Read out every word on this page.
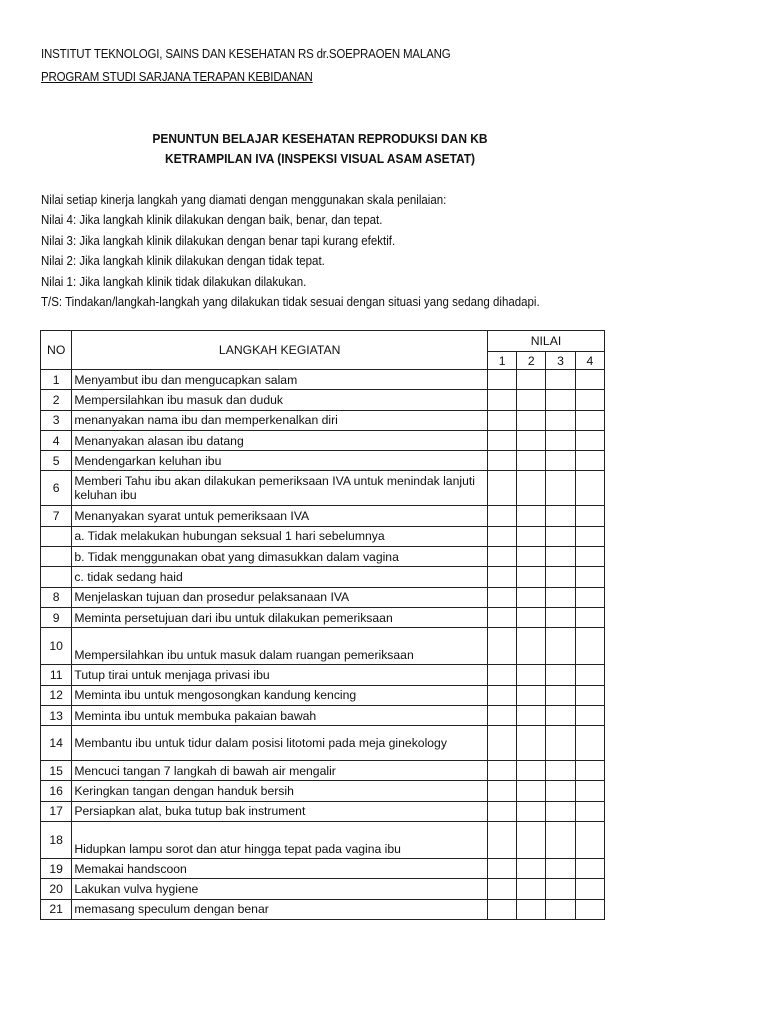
INSTITUT TEKNOLOGI, SAINS DAN KESEHATAN RS dr.SOEPRAOEN MALANG
PROGRAM STUDI SARJANA TERAPAN KEBIDANAN
PENUNTUN BELAJAR KESEHATAN REPRODUKSI DAN KB
KETRAMPILAN IVA (INSPEKSI VISUAL ASAM ASETAT)
Nilai setiap kinerja langkah yang diamati dengan menggunakan skala penilaian:
Nilai 4: Jika langkah klinik dilakukan dengan baik, benar, dan tepat.
Nilai 3: Jika langkah klinik dilakukan dengan benar tapi kurang efektif.
Nilai 2: Jika langkah klinik dilakukan dengan tidak tepat.
Nilai 1: Jika langkah klinik tidak dilakukan dilakukan.
T/S: Tindakan/langkah-langkah yang dilakukan tidak sesuai dengan situasi yang sedang dihadapi.
NO	LANGKAH KEGIATAN	NILAI			
		1	2	3	4
1	Menyambut ibu dan mengucapkan salam				
2	Mempersilahkan ibu masuk dan duduk				
3	menanyakan nama ibu dan memperkenalkan diri				
4	Menanyakan alasan ibu datang				
5	Mendengarkan keluhan ibu				
6	Memberi Tahu ibu akan dilakukan pemeriksaan IVA untuk menindak lanjuti keluhan ibu				
7	Menanyakan syarat untuk pemeriksaan IVA				
	a. Tidak melakukan hubungan seksual 1 hari sebelumnya				
	b. Tidak menggunakan obat yang dimasukkan dalam vagina				
	c. tidak sedang haid				
8	Menjelaskan tujuan dan prosedur pelaksanaan IVA				
9	Meminta persetujuan dari ibu untuk dilakukan pemeriksaan				
10	Mempersilahkan ibu untuk masuk dalam ruangan pemeriksaan				
11	Tutup tirai untuk menjaga privasi ibu				
12	Meminta ibu untuk mengosongkan kandung kencing				
13	Meminta ibu untuk membuka pakaian bawah				
14	Membantu ibu untuk tidur dalam posisi litotomi pada meja ginekology				
15	Mencuci tangan 7 langkah di bawah air mengalir				
16	Keringkan tangan dengan handuk bersih				
17	Persiapkan alat, buka tutup bak instrument				
18	Hidupkan lampu sorot dan atur hingga tepat pada vagina ibu				
19	Memakai handscoon				
20	Lakukan vulva hygiene				
21	memasang speculum dengan benar				
